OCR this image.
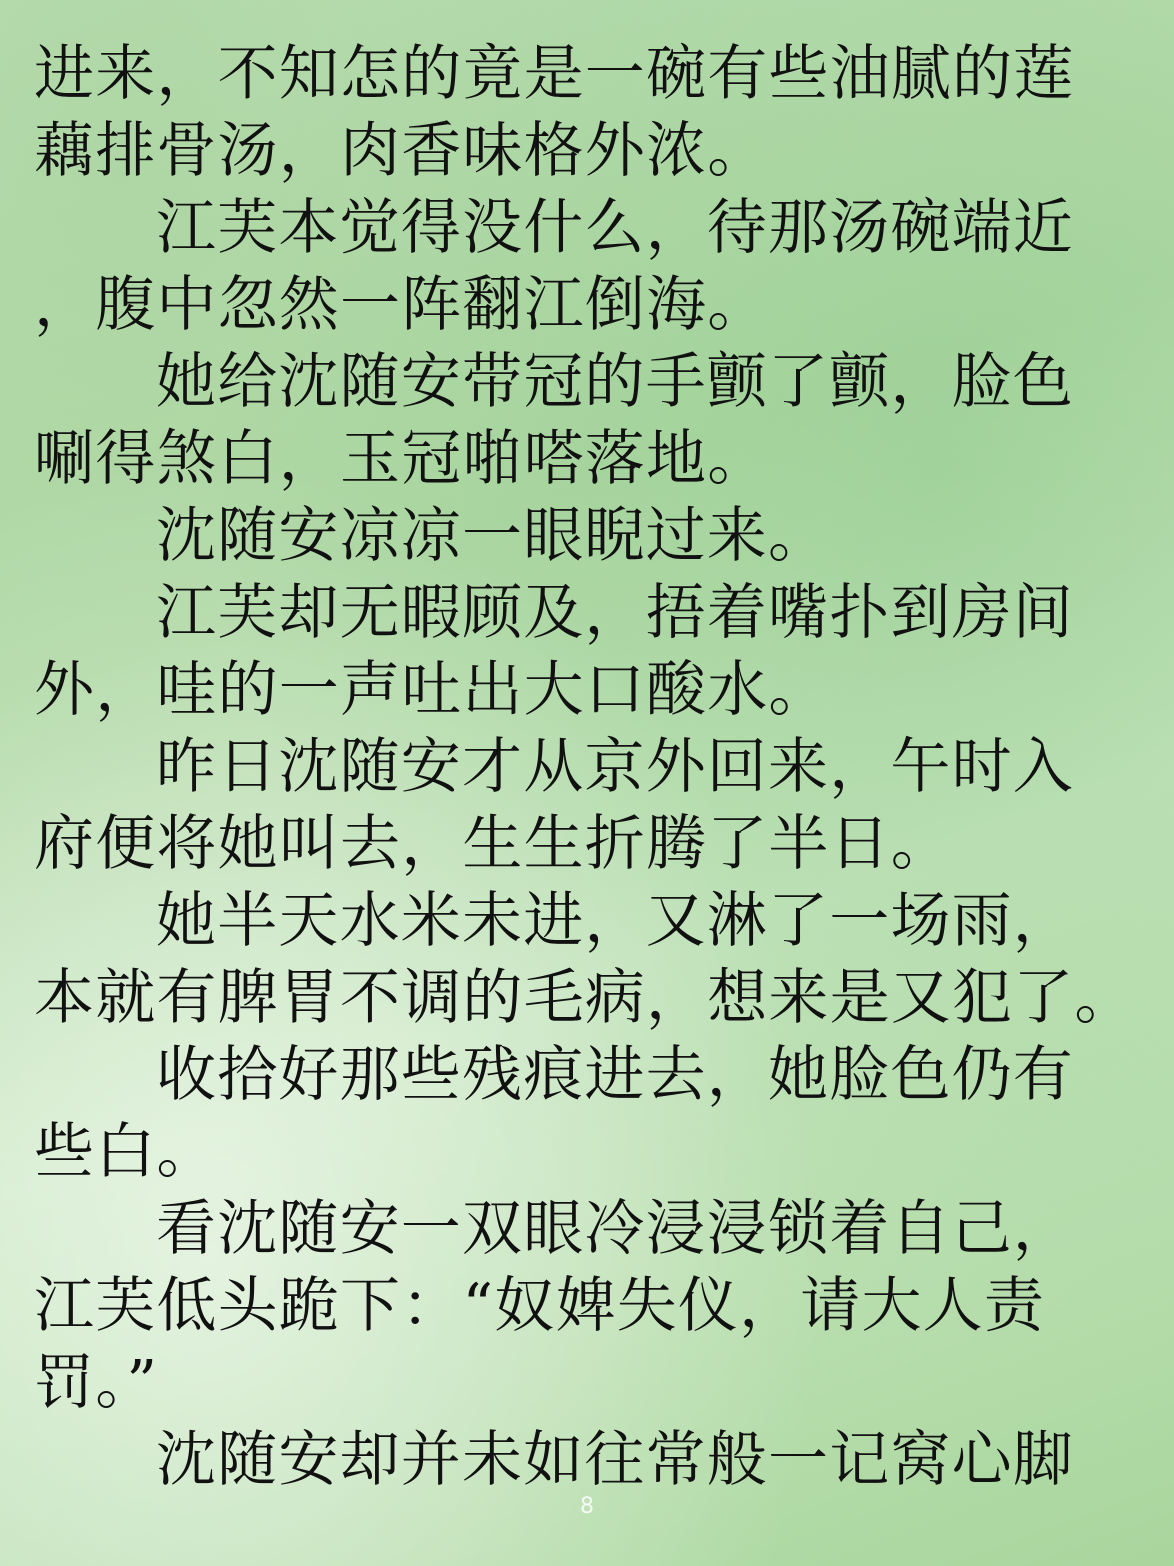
进来，不知怎的竟是一碗有些油腻的莲
藕排骨汤，肉香味格外浓。
江芙本觉得没什么，待那汤碗端近
，腹中忽然一阵翻江倒海。
她给沈随安带冠的手颤了颤，脸色
唰得煞白，玉冠啪嗒落地。
沈随安凉凉一眼睨过来。
江芙却无暇顾及，捂着嘴扑到房间
外，哇的一声吐出大口酸水。
昨日沈随安才从京外回来，午时入
府便将她叫去，生生折腾了半日。
她半天水米未进，又淋了一场雨，
本就有脾胃不调的毛病，想来是又犯了。
收拾好那些残痕进去，她脸色仍有
些白。
看沈随安一双眼冷浸浸锁着自己，
江芙低头跪下：“奴婢失仪，请大人责
罚。”
沈随安却并未如往常般一记窝心脚
8
